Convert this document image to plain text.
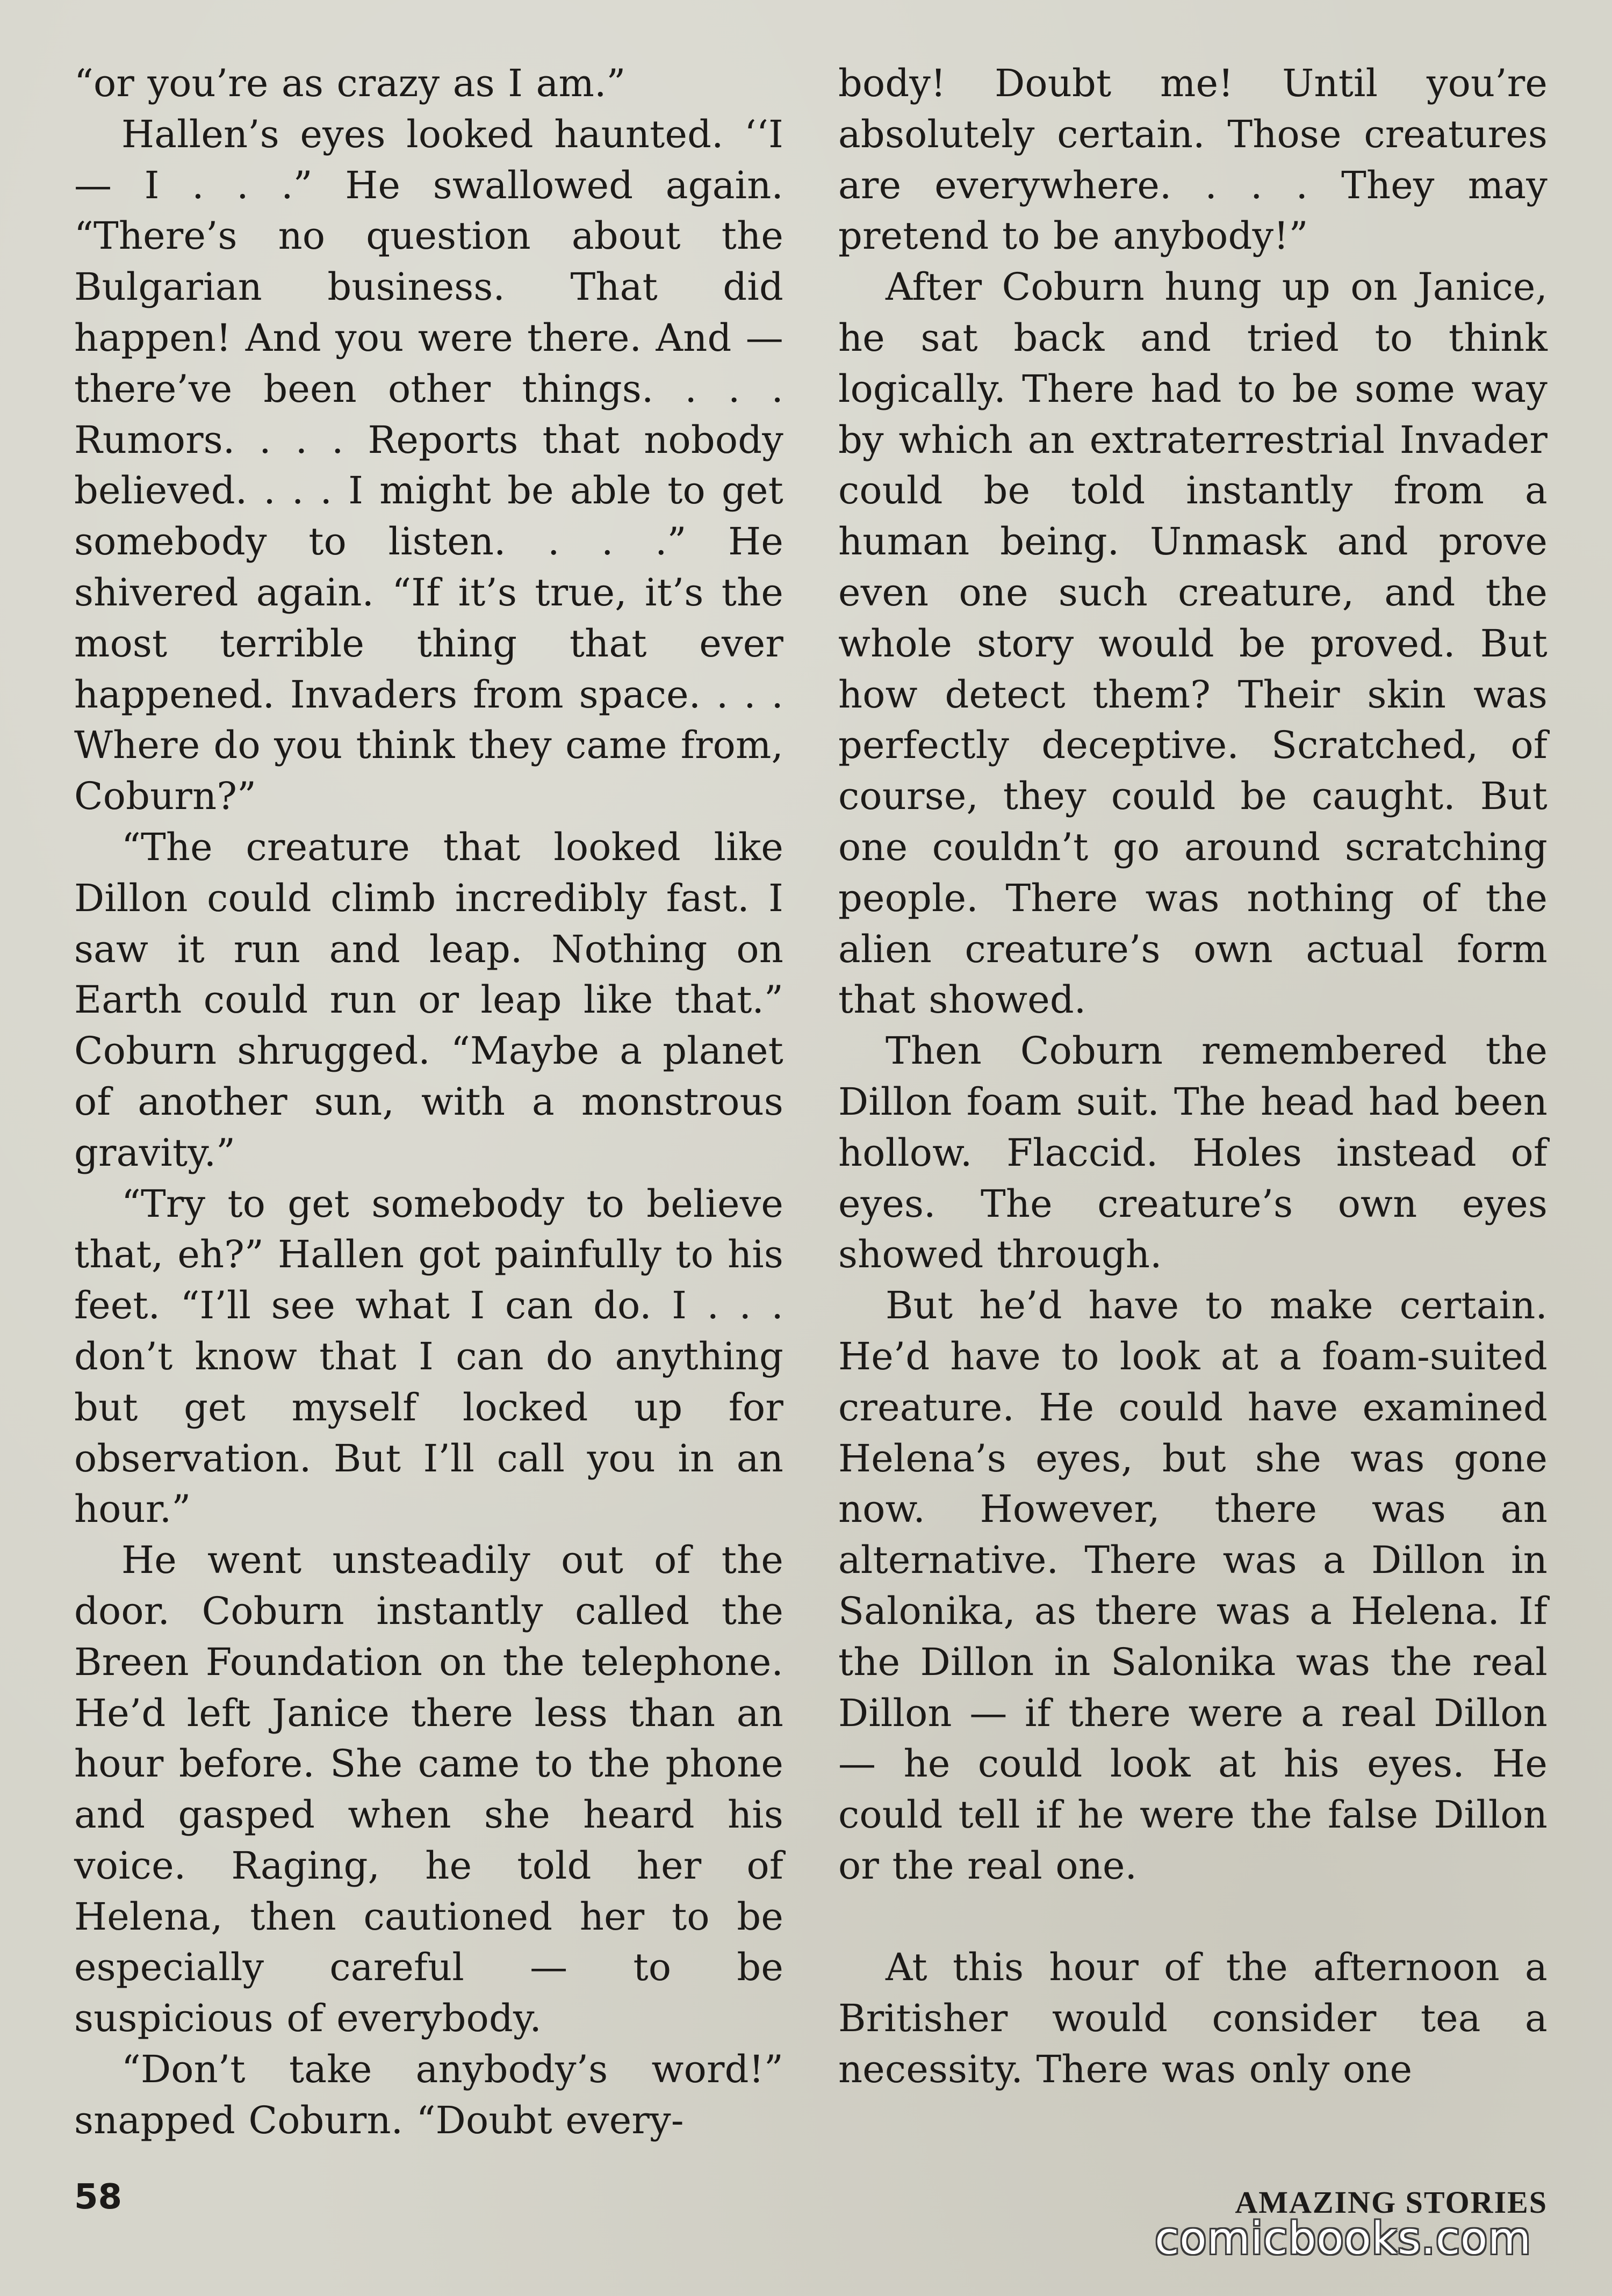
“or you’re as crazy as I am.”

Hallen’s eyes looked haunted. ‘‘I — I . . .” He swallowed again. “There’s no question about the Bulgarian business. That did happen! And you were there. And — there’ve been other things. . . . Rumors. . . . Reports that nobody believed. . . . I might be able to get somebody to listen. . . .” He shivered again. “If it’s true, it’s the most terrible thing that ever happened. Invaders from space. . . . Where do you think they came from, Coburn?”

“The creature that looked like Dillon could climb incredibly fast. I saw it run and leap. Nothing on Earth could run or leap like that.” Coburn shrugged. “Maybe a planet of another sun, with a monstrous gravity.”

“Try to get somebody to believe that, eh?” Hallen got painfully to his feet. “I’ll see what I can do. I . . . don’t know that I can do anything but get myself locked up for observation. But I’ll call you in an hour.”

He went unsteadily out of the door. Coburn instantly called the Breen Foundation on the telephone. He’d left Janice there less than an hour before. She came to the phone and gasped when she heard his voice. Raging, he told her of Helena, then cautioned her to be especially careful — to be suspicious of everybody.

“Don’t take anybody’s word!” snapped Coburn. “Doubt every-

body! Doubt me! Until you’re absolutely certain. Those creatures are everywhere. . . . They may pretend to be anybody!”

After Coburn hung up on Janice, he sat back and tried to think logically. There had to be some way by which an extraterrestrial Invader could be told instantly from a human being. Unmask and prove even one such creature, and the whole story would be proved. But how detect them? Their skin was perfectly deceptive. Scratched, of course, they could be caught. But one couldn’t go around scratching people. There was nothing of the alien creature’s own actual form that showed.

Then Coburn remembered the Dillon foam suit. The head had been hollow. Flaccid. Holes instead of eyes. The creature’s own eyes showed through.

But he’d have to make certain. He’d have to look at a foam-suited creature. He could have examined Helena’s eyes, but she was gone now. However, there was an alternative. There was a Dillon in Salonika, as there was a Helena. If the Dillon in Salonika was the real Dillon — if there were a real Dillon — he could look at his eyes. He could tell if he were the false Dillon or the real one.

At this hour of the afternoon a Britisher would consider tea a necessity. There was only one

58	AMAZING STORIES
comicbooks.com
